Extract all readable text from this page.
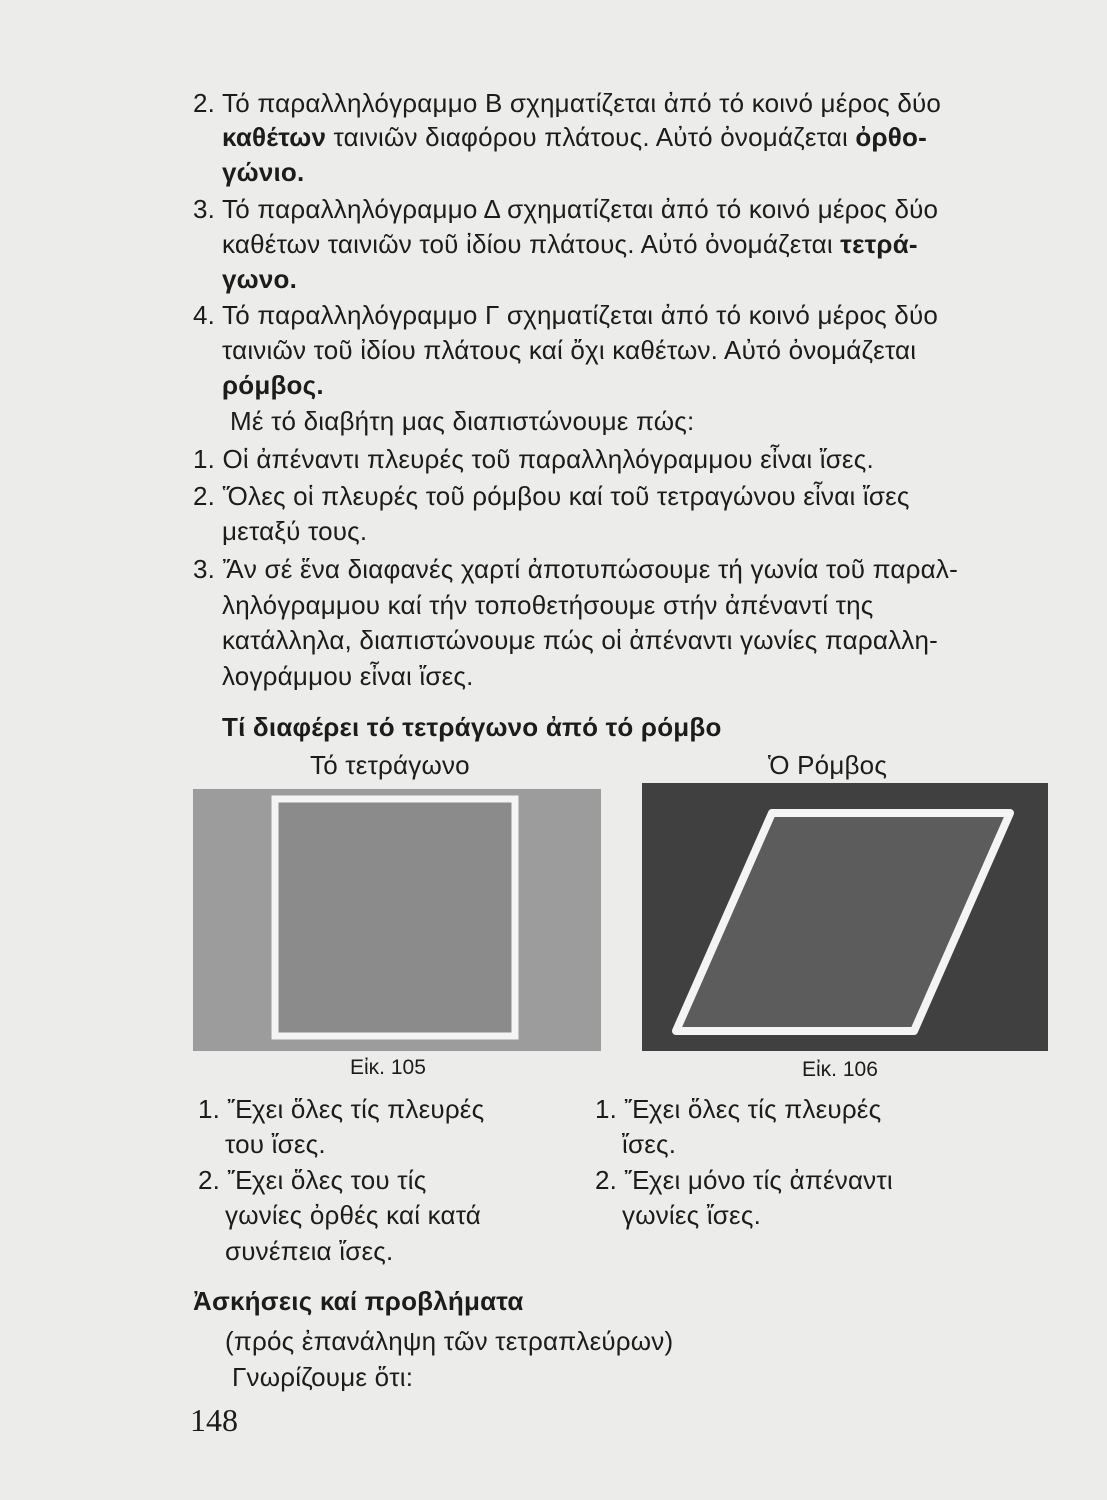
2. Τό παραλληλόγραμμο Β σχηματίζεται ἀπό τό κοινό μέρος δύο
καθέτων ταινιῶν διαφόρου πλάτους. Αὐτό ὀνομάζεται ὀρθο-
γώνιο.
3. Τό παραλληλόγραμμο Δ σχηματίζεται ἀπό τό κοινό μέρος δύο
καθέτων ταινιῶν τοῦ ἰδίου πλάτους. Αὐτό ὀνομάζεται τετρά-
γωνο.
4. Τό παραλληλόγραμμο Γ σχηματίζεται ἀπό τό κοινό μέρος δύο
ταινιῶν τοῦ ἰδίου πλάτους καί ὄχι καθέτων. Αὐτό ὀνομάζεται
ρόμβος.
Μέ τό διαβήτη μας διαπιστώνουμε πώς:
1. Οἱ ἀπέναντι πλευρές τοῦ παραλληλόγραμμου εἶναι ἴσες.
2. Ὅλες οἱ πλευρές τοῦ ρόμβου καί τοῦ τετραγώνου εἶναι ἴσες
μεταξύ τους.
3. Ἄν σέ ἕνα διαφανές χαρτί ἀποτυπώσουμε τή γωνία τοῦ παραλ-
ληλόγραμμου καί τήν τοποθετήσουμε στήν ἀπέναντί της
κατάλληλα, διαπιστώνουμε πώς οἱ ἀπέναντι γωνίες παραλλη-
λογράμμου εἶναι ἴσες.
Τί διαφέρει τό τετράγωνο ἀπό τό ρόμβο
Τό τετράγωνο	Ὁ Ρόμβος
Εἰκ. 105	Εἰκ. 106
1. Ἔχει ὅλες τίς πλευρές
του ἴσες.
2. Ἔχει ὅλες του τίς
γωνίες ὀρθές καί κατά
συνέπεια ἴσες.
1. Ἔχει ὅλες τίς πλευρές
ἴσες.
2. Ἔχει μόνο τίς ἀπέναντι
γωνίες ἴσες.
Ἀσκήσεις καί προβλήματα
(πρός ἐπανάληψη τῶν τετραπλεύρων)
Γνωρίζουμε ὅτι:
148
